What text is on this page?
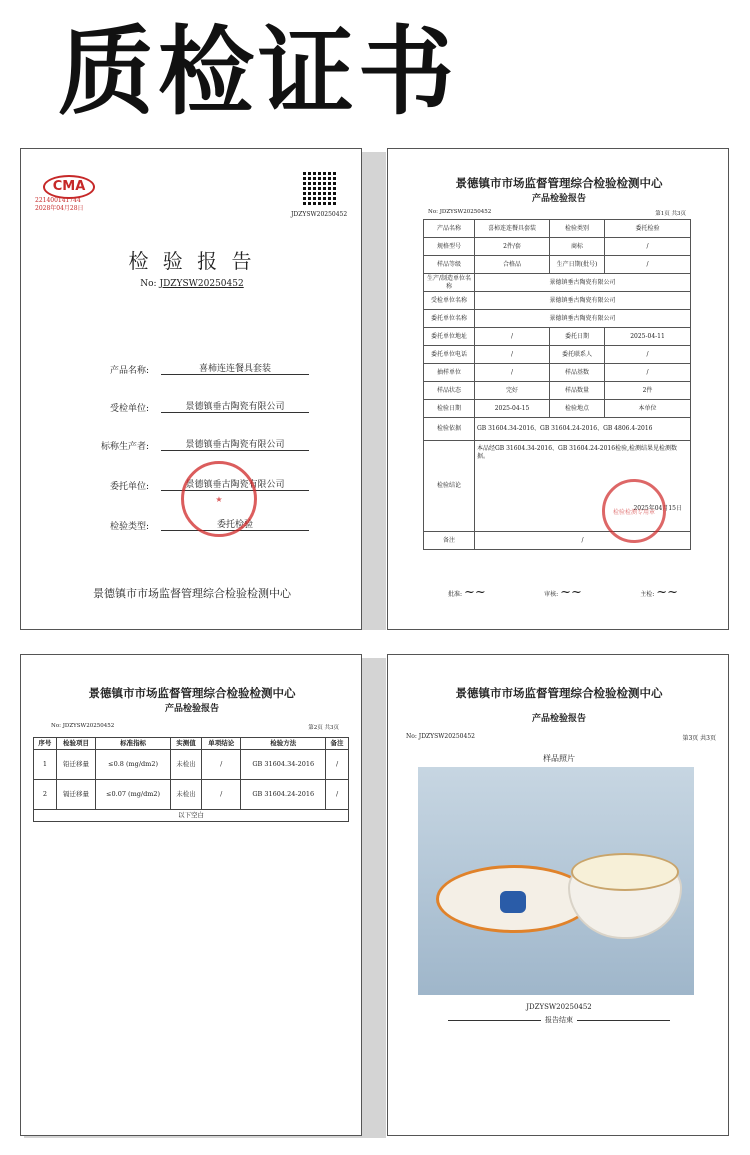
质检证书
CMA
221400141744
2028年04月28日
JDZYSW20250452
检 验 报 告
No: JDZYSW20250452
产品名称:	喜柿连连餐具套装
受检单位:	景德镇垂古陶瓷有限公司
标称生产者:	景德镇垂古陶瓷有限公司
委托单位:	景德镇垂古陶瓷有限公司
检验类型:	委托检验
★
景德镇市市场监督管理综合检验检测中心
景德镇市市场监督管理综合检验检测中心
产品检验报告
No: JDZYSW20250452	第1页 共3页
产品名称	喜柿连连餐具套装	检验类别	委托检验
规格型号	2件/套	商标	/
样品等级	合格品	生产日期(批号)	/
生产/制造单位名称	景德镇垂古陶瓷有限公司		
受检单位名称	景德镇垂古陶瓷有限公司		
委托单位名称	景德镇垂古陶瓷有限公司		
委托单位地址	/	委托日期	2025-04-11
委托单位电话	/	委托联系人	/
抽样单位	/	样品基数	/
样品状态	完好	样品数量	2件
检验日期	2025-04-15	检验地点	本单位
检验依据	GB 31604.34-2016、GB 31604.24-2016、GB 4806.4-2016		
检验结论	本品经GB 31604.34-2016、GB 31604.24-2016检验,检测结果见检测数据。
2025年04月15日		

备注	/		
检验检测专用章
批准: ~~	审核: ~~	主检: ~~
景德镇市市场监督管理综合检验检测中心
产品检验报告
No: JDZYSW20250452	第2页 共3页
序号	检验项目	标准指标	实测值	单项结论	检验方法	备注
1	铅迁移量	≤0.8 (mg/dm2)	未检出	/	GB 31604.34-2016	/
2	镉迁移量	≤0.07 (mg/dm2)	未检出	/	GB 31604.24-2016	/
以下空白						
景德镇市市场监督管理综合检验检测中心
产品检验报告
No: JDZYSW20250452	第3页 共3页
样品照片
JDZYSW20250452
报告结束
